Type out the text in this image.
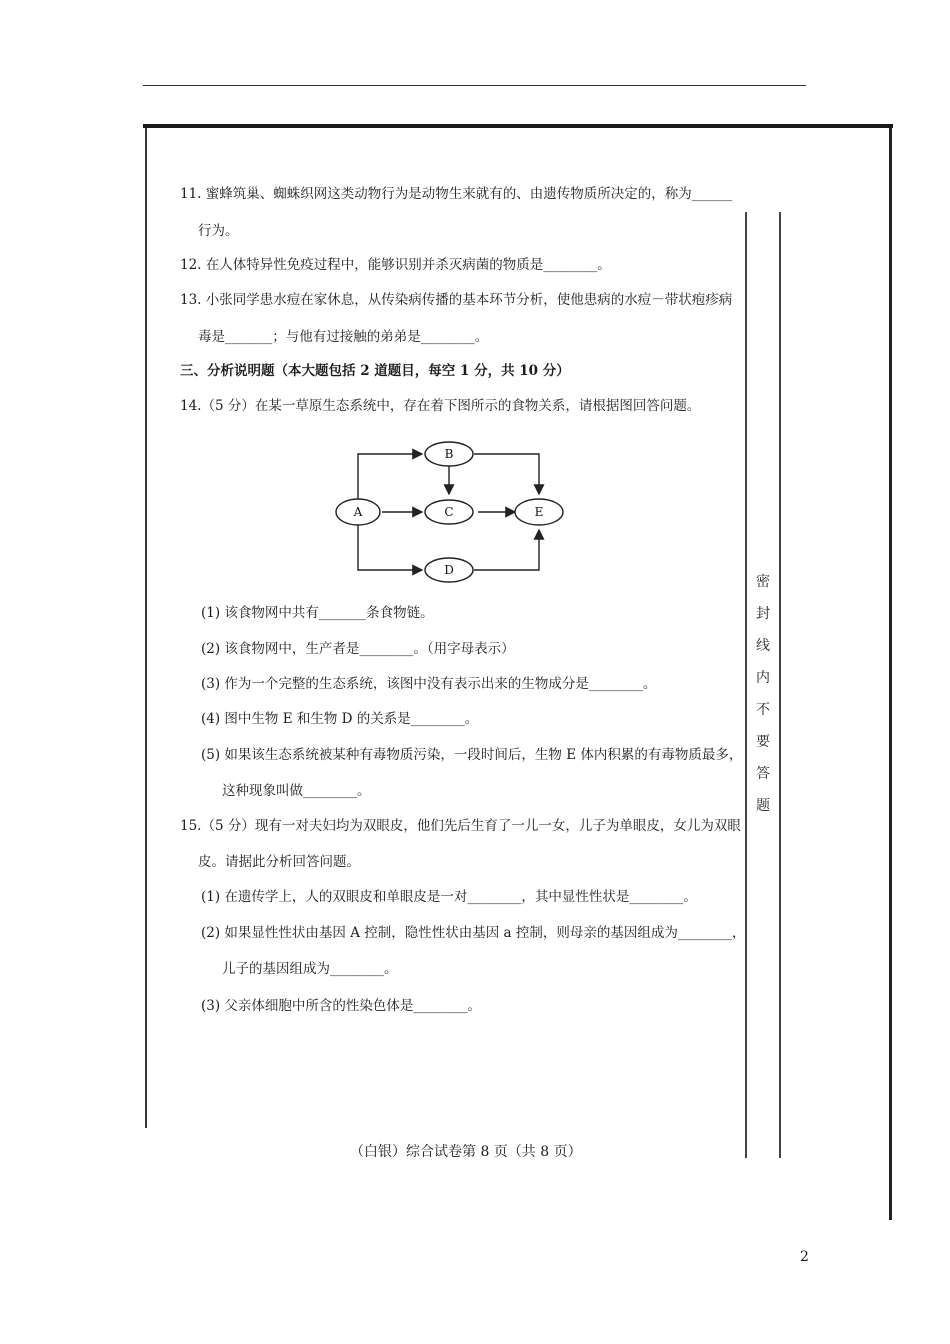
密
封
线
内
不
要
答
题
11. 蜜蜂筑巢、蜘蛛织网这类动物行为是动物生来就有的、由遗传物质所决定的，称为______
行为。
12. 在人体特异性免疫过程中，能够识别并杀灭病菌的物质是________。
13. 小张同学患水痘在家休息，从传染病传播的基本环节分析，使他患病的水痘－带状疱疹病
毒是_______；与他有过接触的弟弟是________。
三、分析说明题（本大题包括 2 道题目，每空 1 分，共 10 分）
14.（5 分）在某一草原生态系统中，存在着下图所示的食物关系，请根据图回答问题。
A
B
C
D
E
(1) 该食物网中共有_______条食物链。
(2) 该食物网中，生产者是________。（用字母表示）
(3) 作为一个完整的生态系统，该图中没有表示出来的生物成分是________。
(4) 图中生物 E 和生物 D 的关系是________。
(5) 如果该生态系统被某种有毒物质污染，一段时间后，生物 E 体内积累的有毒物质最多，
这种现象叫做________。
15.（5 分）现有一对夫妇均为双眼皮，他们先后生育了一儿一女，儿子为单眼皮，女儿为双眼
皮。请据此分析回答问题。
(1) 在遗传学上，人的双眼皮和单眼皮是一对________，其中显性性状是________。
(2) 如果显性性状由基因 A 控制，隐性性状由基因 a 控制，则母亲的基因组成为________，
儿子的基因组成为________。
(3) 父亲体细胞中所含的性染色体是________。
（白银）综合试卷第 8 页（共 8 页）
2
